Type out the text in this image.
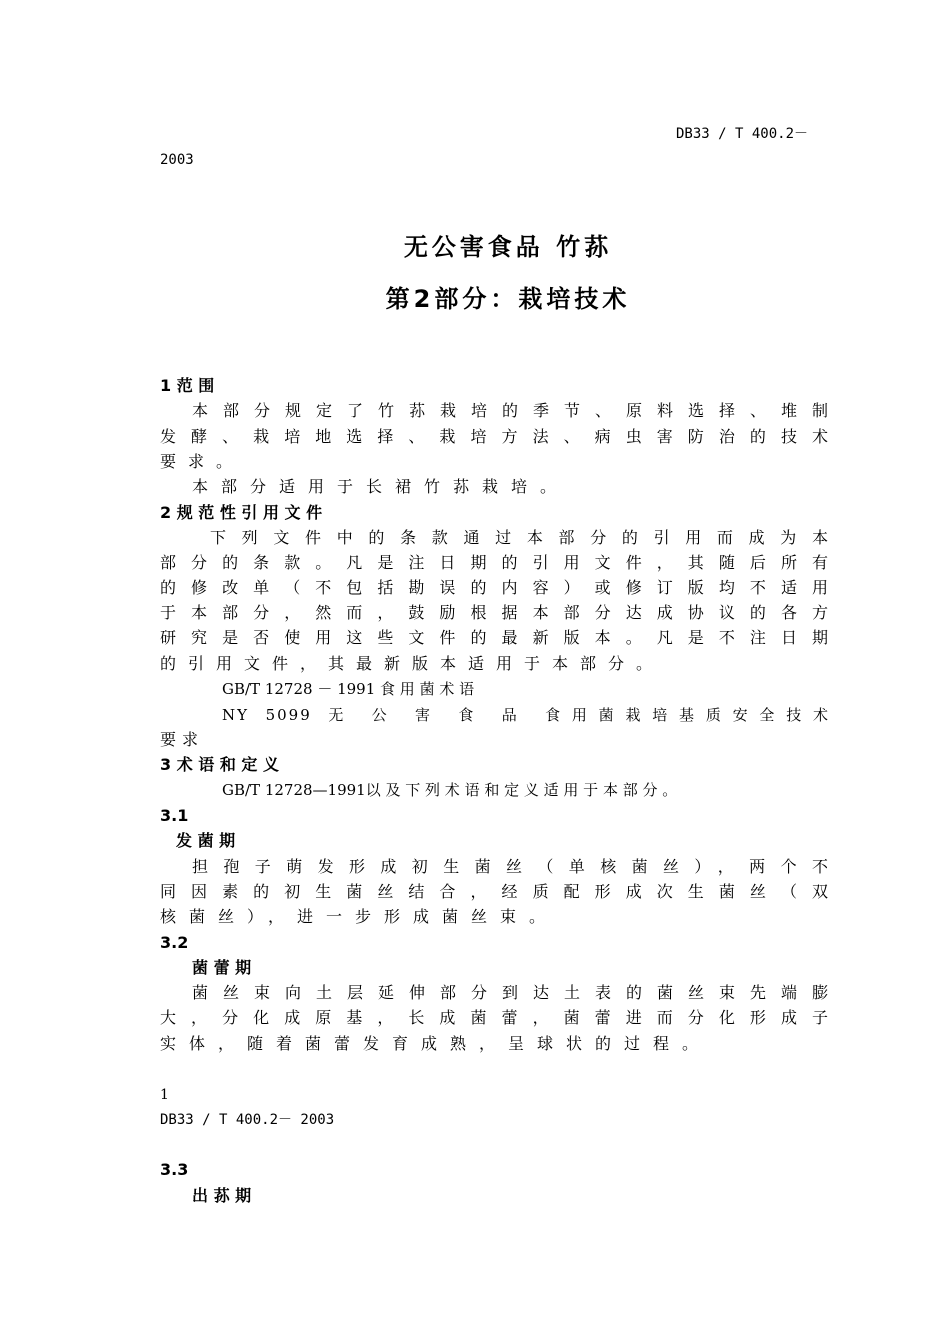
DB33 / T 400.2－
2003
无公害食品 竹荪
第2部分：栽培技术
1 范 围
本部分规定了竹荪栽培的季节、原料选择、堆制
发酵、栽培地选择、栽培方法、病虫害防治的技术
要求。
本部分适用于长裙竹荪栽培。
2 规 范 性 引 用 文 件
下列文件中的条款通过本部分的引用而成为本
部分的条款。凡是注日期的引用文件，其随后所有
的修改单（不包括勘误的内容）或修订版均不适用
于本部分，然而，鼓励根据本部分达成协议的各方
研究是否使用这些文件的最新版本。凡是不注日期
的引用文件，其最新版本适用于本部分。
GB/T 12728 － 1991 食 用 菌 术 语
NY 5099 无 公 害 食 品 食用菌栽培基质安全技术
要求
3 术 语 和 定 义
GB/T 12728—1991以 及 下 列 术 语 和 定 义 适 用 于 本 部 分 。
3.1
发 菌 期
担孢子萌发形成初生菌丝（单核菌丝），两个不
同因素的初生菌丝结合，经质配形成次生菌丝（双
核菌丝），进一步形成菌丝束。
3.2
菌 蕾 期
菌丝束向土层延伸部分到达土表的菌丝束先端膨
大，分化成原基，长成菌蕾，菌蕾进而分化形成子
实体，随着菌蕾发育成熟，呈球状的过程。
1
DB33 / T 400.2－ 2003
3.3
出 荪 期
